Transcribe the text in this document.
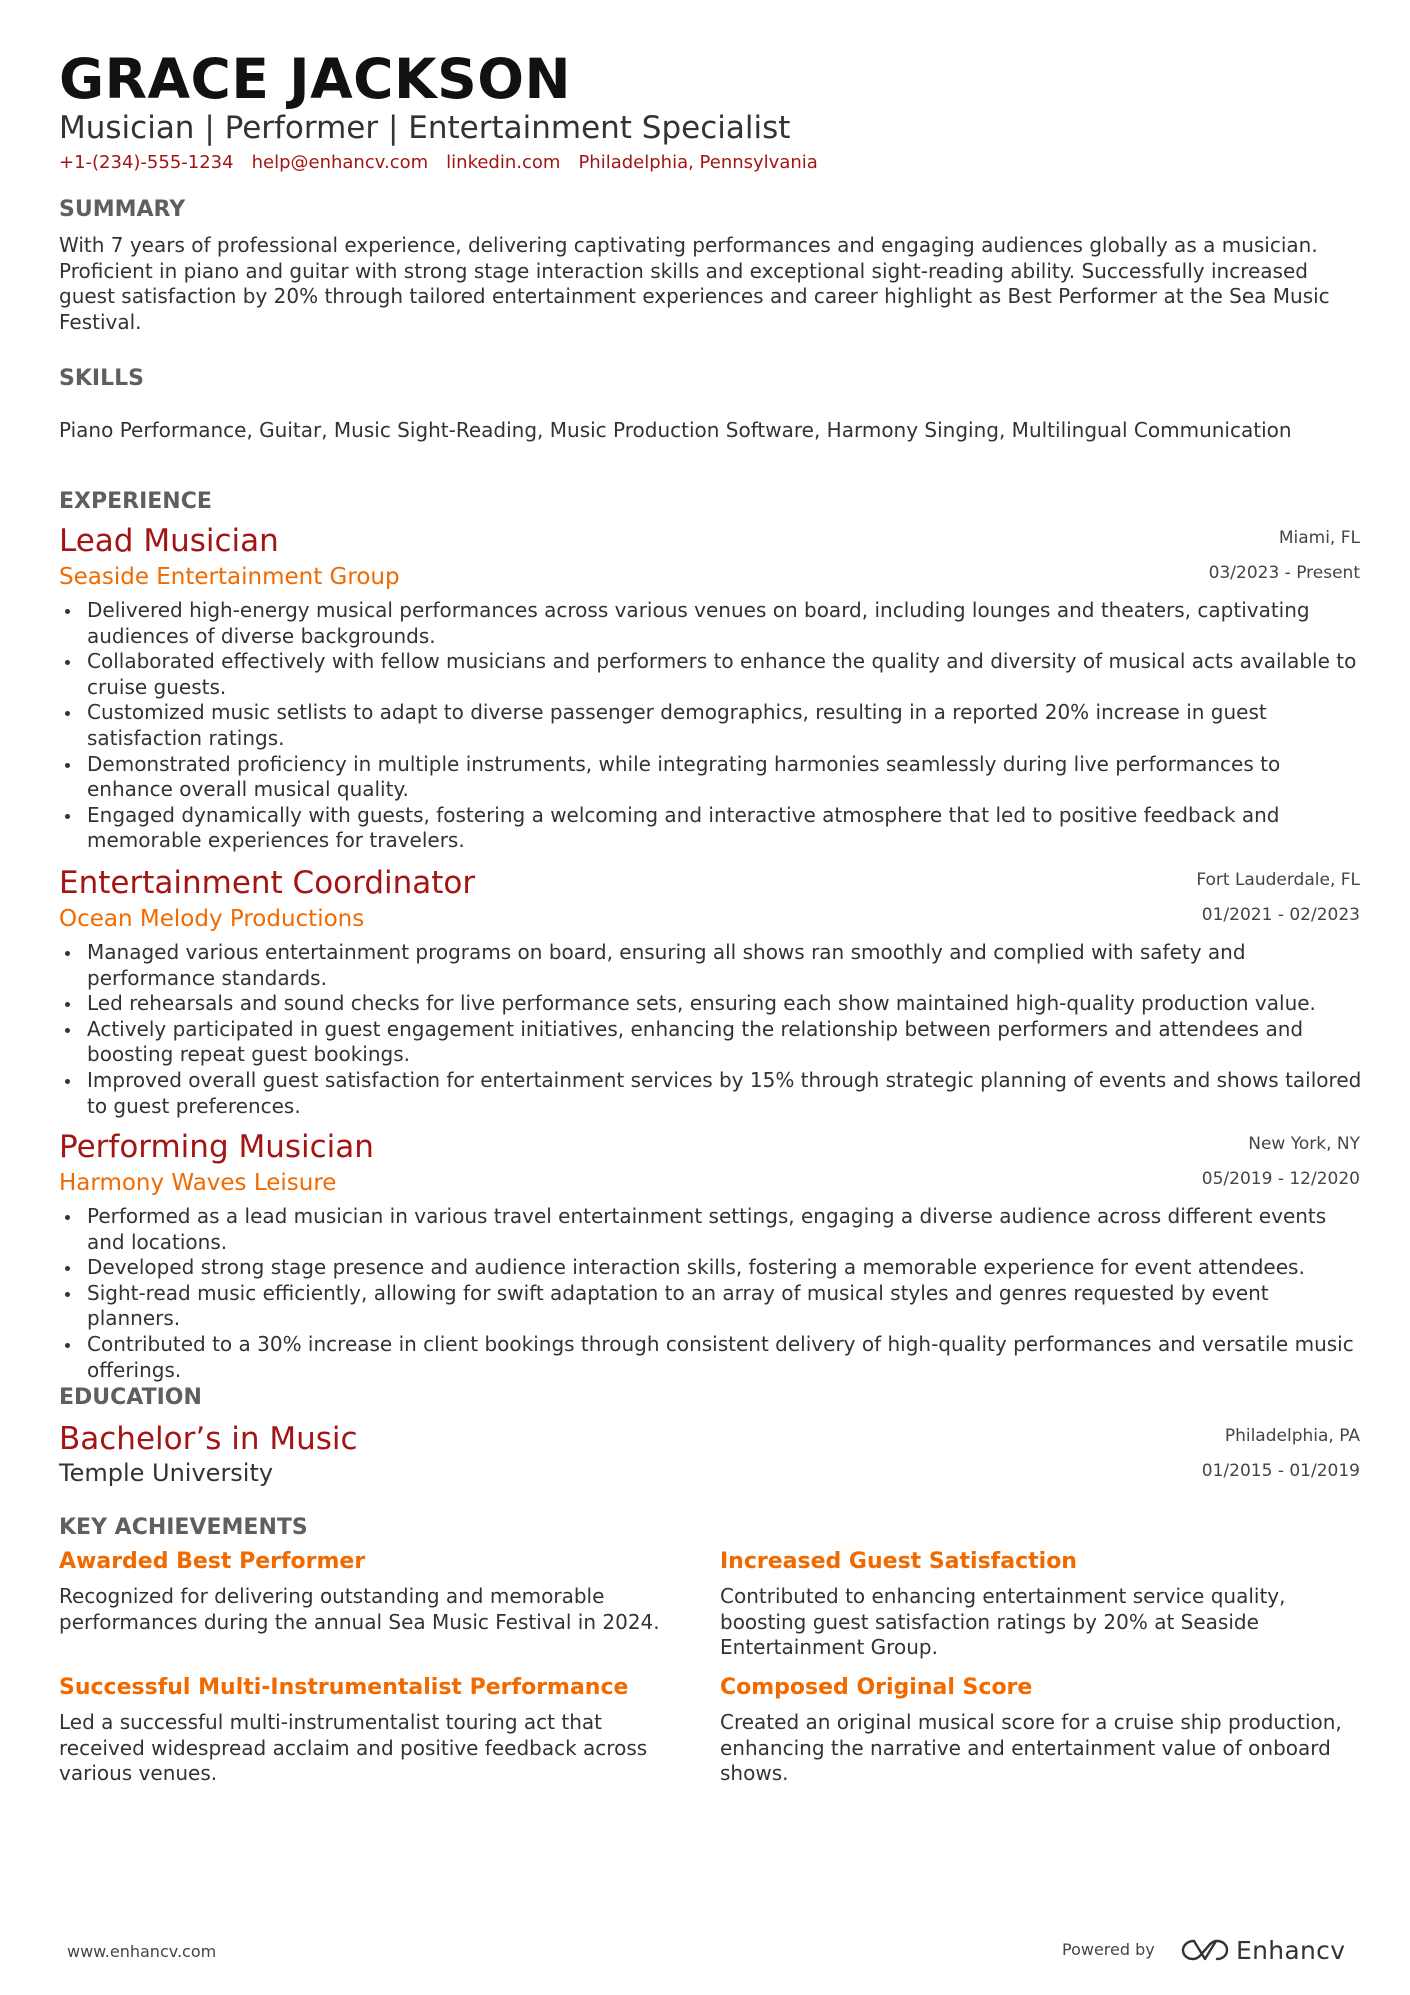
GRACE JACKSON
Musician | Performer | Entertainment Specialist
+1-(234)-555-1234 help@enhancv.com linkedin.com Philadelphia, Pennsylvania
SUMMARY
With 7 years of professional experience, delivering captivating performances and engaging audiences globally as a musician. Proficient in piano and guitar with strong stage interaction skills and exceptional sight-reading ability. Successfully increased guest satisfaction by 20% through tailored entertainment experiences and career highlight as Best Performer at the Sea Music Festival.
SKILLS
Piano Performance, Guitar, Music Sight-Reading, Music Production Software, Harmony Singing, Multilingual Communication
EXPERIENCE
Lead Musician
Seaside Entertainment Group
Miami, FL
03/2023 - Present
Delivered high-energy musical performances across various venues on board, including lounges and theaters, captivating audiences of diverse backgrounds.
Collaborated effectively with fellow musicians and performers to enhance the quality and diversity of musical acts available to cruise guests.
Customized music setlists to adapt to diverse passenger demographics, resulting in a reported 20% increase in guest satisfaction ratings.
Demonstrated proficiency in multiple instruments, while integrating harmonies seamlessly during live performances to enhance overall musical quality.
Engaged dynamically with guests, fostering a welcoming and interactive atmosphere that led to positive feedback and memorable experiences for travelers.
Entertainment Coordinator
Ocean Melody Productions
Fort Lauderdale, FL
01/2021 - 02/2023
Managed various entertainment programs on board, ensuring all shows ran smoothly and complied with safety and performance standards.
Led rehearsals and sound checks for live performance sets, ensuring each show maintained high-quality production value.
Actively participated in guest engagement initiatives, enhancing the relationship between performers and attendees and boosting repeat guest bookings.
Improved overall guest satisfaction for entertainment services by 15% through strategic planning of events and shows tailored to guest preferences.
Performing Musician
Harmony Waves Leisure
New York, NY
05/2019 - 12/2020
Performed as a lead musician in various travel entertainment settings, engaging a diverse audience across different events and locations.
Developed strong stage presence and audience interaction skills, fostering a memorable experience for event attendees.
Sight-read music efficiently, allowing for swift adaptation to an array of musical styles and genres requested by event planners.
Contributed to a 30% increase in client bookings through consistent delivery of high-quality performances and versatile music offerings.
EDUCATION
Bachelor’s in Music
Temple University
Philadelphia, PA
01/2015 - 01/2019
KEY ACHIEVEMENTS
Awarded Best Performer
Recognized for delivering outstanding and memorable performances during the annual Sea Music Festival in 2024.
Increased Guest Satisfaction
Contributed to enhancing entertainment service quality, boosting guest satisfaction ratings by 20% at Seaside Entertainment Group.
Successful Multi-Instrumentalist Performance
Led a successful multi-instrumentalist touring act that received widespread acclaim and positive feedback across various venues.
Composed Original Score
Created an original musical score for a cruise ship production, enhancing the narrative and entertainment value of onboard shows.
www.enhancv.com	Powered by	Enhancv
